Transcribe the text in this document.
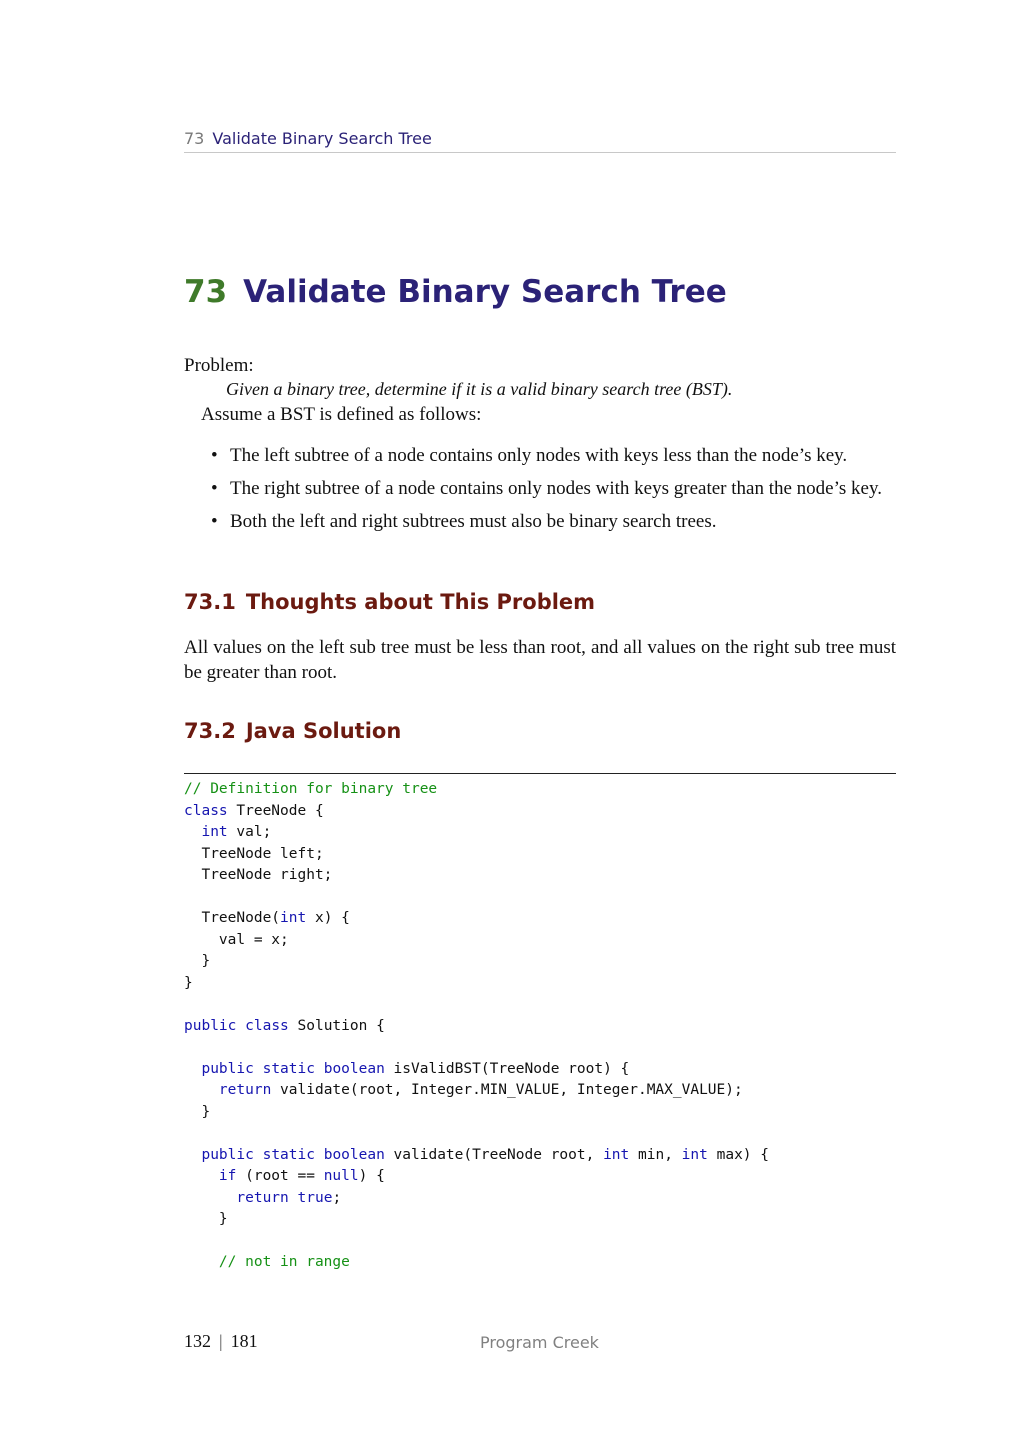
73 Validate Binary Search Tree
73 Validate Binary Search Tree
Problem:
Given a binary tree, determine if it is a valid binary search tree (BST).
Assume a BST is defined as follows:
• The left subtree of a node contains only nodes with keys less than the node’s key.
• The right subtree of a node contains only nodes with keys greater than the node’s key.
• Both the left and right subtrees must also be binary search trees.
73.1 Thoughts about This Problem
All values on the left sub tree must be less than root, and all values on the right sub tree must be greater than root.
73.2 Java Solution
// Definition for binary tree
class TreeNode {
int val;
TreeNode left;
TreeNode right;

TreeNode(int x) {
val = x;
}
}

public class Solution {

public static boolean isValidBST(TreeNode root) {
return validate(root, Integer.MIN_VALUE, Integer.MAX_VALUE);
}

public static boolean validate(TreeNode root, int min, int max) {
if (root == null) {
return true;
}

// not in range
132 | 181	Program Creek
